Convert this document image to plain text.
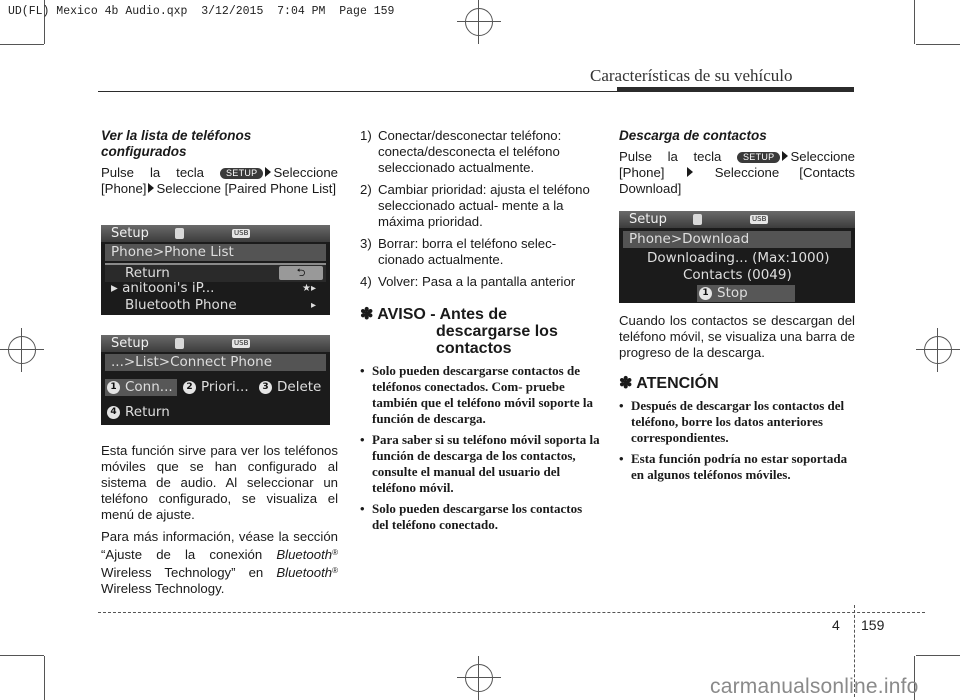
UD(FL) Mexico 4b Audio.qxp  3/12/2015  7:04 PM  Page 159
Características de su vehículo
Ver la lista de teléfonos
configurados

Pulse la tecla SETUP Seleccione [Phone] Seleccione [Paired Phone List]

Setup	USB
Phone>Phone List
Return	⮌
▸ anitooni's iP...	★▸
Bluetooth Phone	▸
Setup	USB
...>List>Connect Phone
1 Conn...	2 Priori...	3 Delete
4 Return

Esta función sirve para ver los teléfonos móviles que se han configurado al sistema de audio. Al seleccionar un teléfono configurado, se visualiza el menú de ajuste.

Para más información, véase la sección “Ajuste de la conexión Bluetooth® Wireless Technology” en Bluetooth® Wireless Technology.

1) Conectar/desconectar teléfono: conecta/desconecta el teléfono seleccionado actualmente.
2) Cambiar prioridad: ajusta el teléfono seleccionado actual- mente a la máxima prioridad.
3) Borrar: borra el teléfono selec- cionado actualmente.
4) Volver: Pasa a la pantalla anterior
✽ AVISO - Antes de
descargarse los
contactos
• Solo pueden descargarse contactos de teléfonos conectados. Com- pruebe también que el teléfono móvil soporte la función de descarga.
• Para saber si su teléfono móvil soporta la función de descarga de los contactos, consulte el manual del usuario del teléfono móvil.
• Solo pueden descargarse los contactos del teléfono conectado.
Descarga de contactos

Pulse la tecla SETUP Seleccione [Phone]	Seleccione [Contacts Download]

Setup	USB
Phone>Download
Downloading... (Max:1000)
Contacts (0049)
1 Stop

Cuando los contactos se descargan del teléfono móvil, se visualiza una barra de progreso de la descarga.

✽ ATENCIÓN
• Después de descargar los contactos del teléfono, borre los datos anteriores correspondientes.
• Esta función podría no estar soportada en algunos teléfonos móviles.
4 159
carmanualsonline.info
